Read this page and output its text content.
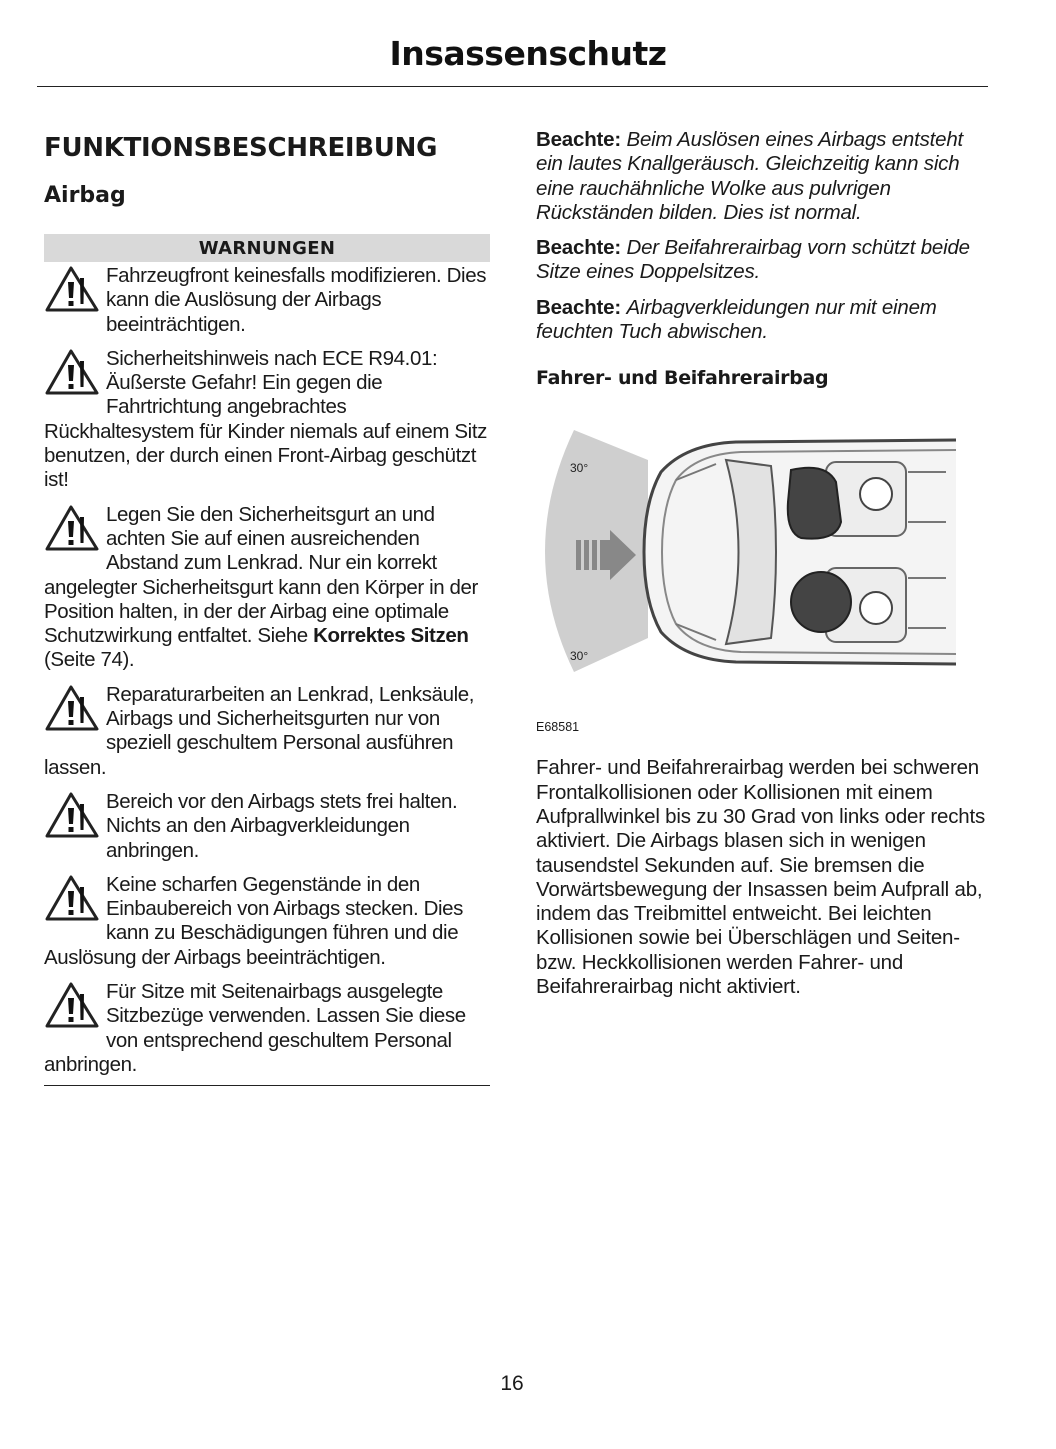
Insassenschutz
FUNKTIONSBESCHREIBUNG
Airbag
WARNUNGEN
Fahrzeugfront keinesfalls modifizieren. Dies kann die Auslösung der Airbags beeinträchtigen.
Sicherheitshinweis nach ECE R94.01: Äußerste Gefahr! Ein gegen die Fahrtrichtung angebrachtes Rückhaltesystem für Kinder niemals auf einem Sitz benutzen, der durch einen Front-Airbag geschützt ist!
Legen Sie den Sicherheitsgurt an und achten Sie auf einen ausreichenden Abstand zum Lenkrad. Nur ein korrekt angelegter Sicherheitsgurt kann den Körper in der Position halten, in der der Airbag eine optimale Schutzwirkung entfaltet. Siehe Korrektes Sitzen (Seite 74).
Reparaturarbeiten an Lenkrad, Lenksäule, Airbags und Sicherheitsgurten nur von speziell geschultem Personal ausführen lassen.
Bereich vor den Airbags stets frei halten. Nichts an den Airbagverkleidungen anbringen.
Keine scharfen Gegenstände in den Einbaubereich von Airbags stecken. Dies kann zu Beschädigungen führen und die Auslösung der Airbags beeinträchtigen.
Für Sitze mit Seitenairbags ausgelegte Sitzbezüge verwenden. Lassen Sie diese von entsprechend geschultem Personal anbringen.

Beachte: Beim Auslösen eines Airbags entsteht ein lautes Knallgeräusch. Gleichzeitig kann sich eine rauchähnliche Wolke aus pulvrigen Rückständen bilden. Dies ist normal.

Beachte: Der Beifahrerairbag vorn schützt beide Sitze eines Doppelsitzes.

Beachte: Airbagverkleidungen nur mit einem feuchten Tuch abwischen.

Fahrer- und Beifahrerairbag
30°
30°
E68581
Fahrer- und Beifahrerairbag werden bei schweren Frontalkollisionen oder Kollisionen mit einem Aufprallwinkel bis zu 30 Grad von links oder rechts aktiviert. Die Airbags blasen sich in wenigen tausendstel Sekunden auf. Sie bremsen die Vorwärtsbewegung der Insassen beim Aufprall ab, indem das Treibmittel entweicht. Bei leichten Kollisionen sowie bei Überschlägen und Seiten- bzw. Heckkollisionen werden Fahrer- und Beifahrerairbag nicht aktiviert.
16
